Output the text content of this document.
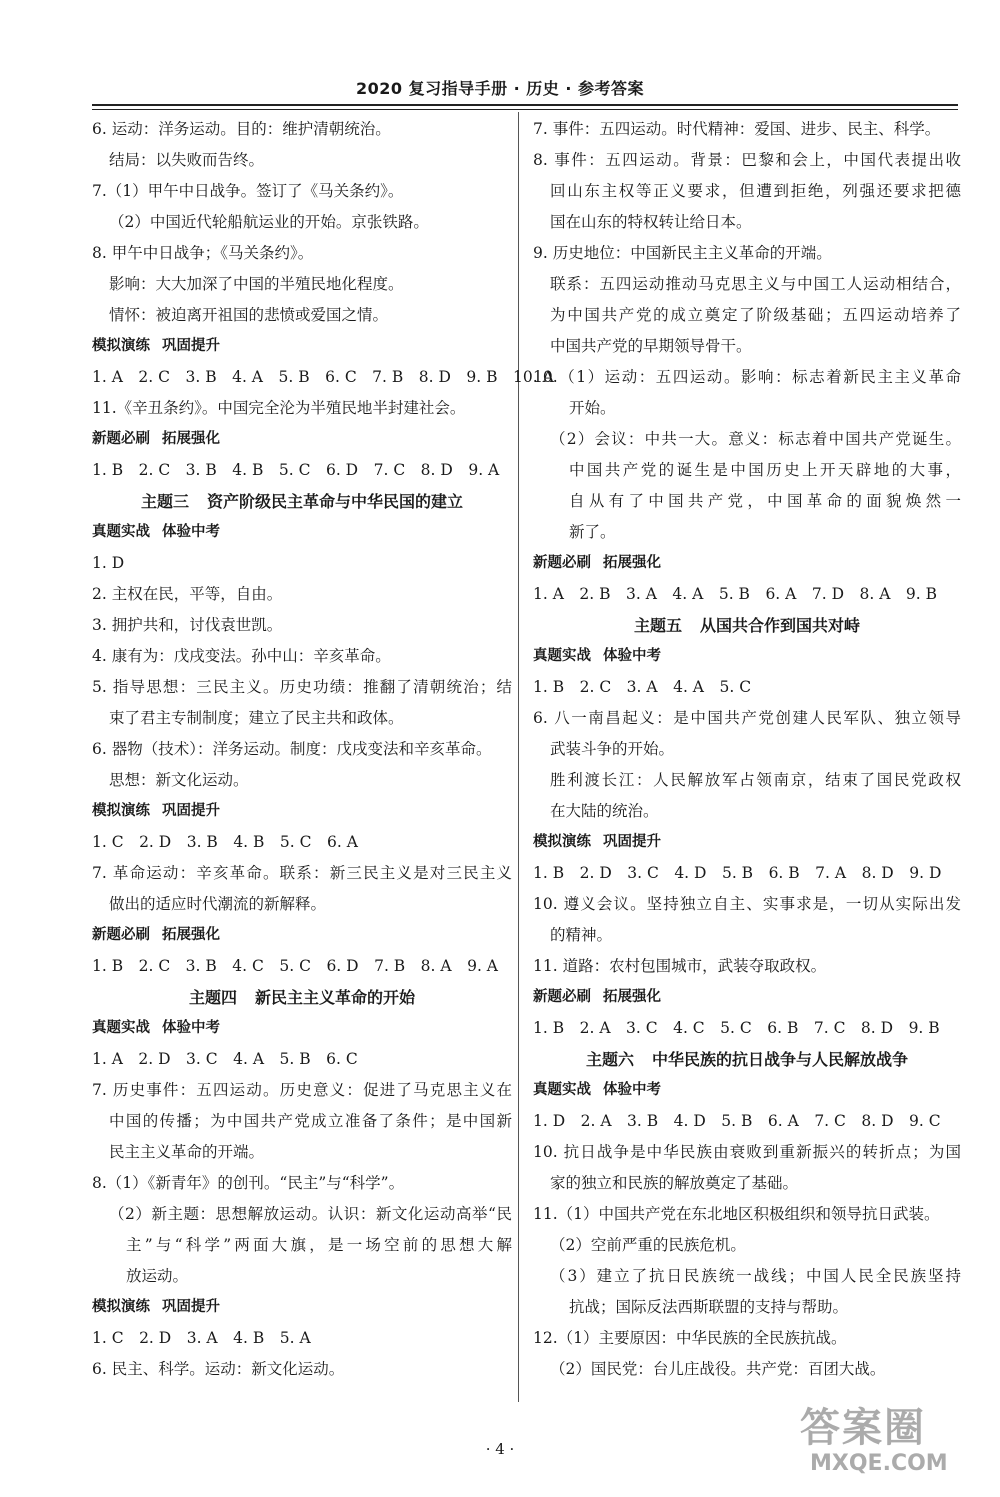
2020 复习指导手册 · 历史 · 参考答案
6. 运动：洋务运动。目的：维护清朝统治。
结局：以失败而告终。
7.（1）甲午中日战争。签订了《马关条约》。
（2）中国近代轮船航运业的开始。京张铁路。
8. 甲午中日战争；《马关条约》。
影响：大大加深了中国的半殖民地化程度。
情怀：被迫离开祖国的悲愤或爱国之情。
模拟演练 巩固提升
1. A　2. C　3. B　4. A　5. B　6. C　7. B　8. D　9. B　10. A
11.《辛丑条约》。中国完全沦为半殖民地半封建社会。
新题必刷 拓展强化
1. B　2. C　3. B　4. B　5. C　6. D　7. C　8. D　9. A
主题三 资产阶级民主革命与中华民国的建立
真题实战 体验中考
1. D
2. 主权在民，平等，自由。
3. 拥护共和，讨伐袁世凯。
4. 康有为：戊戌变法。孙中山：辛亥革命。
5. 指导思想：三民主义。历史功绩：推翻了清朝统治；结
束了君主专制制度；建立了民主共和政体。
6. 器物（技术）：洋务运动。制度：戊戌变法和辛亥革命。
思想：新文化运动。
模拟演练 巩固提升
1. C　2. D　3. B　4. B　5. C　6. A
7. 革命运动：辛亥革命。联系：新三民主义是对三民主义
做出的适应时代潮流的新解释。
新题必刷 拓展强化
1. B　2. C　3. B　4. C　5. C　6. D　7. B　8. A　9. A
主题四 新民主主义革命的开始
真题实战 体验中考
1. A　2. D　3. C　4. A　5. B　6. C
7. 历史事件：五四运动。历史意义：促进了马克思主义在
中国的传播；为中国共产党成立准备了条件；是中国新
民主主义革命的开端。
8.（1）《新青年》的创刊。“民主”与“科学”。
（2）新主题：思想解放运动。认识：新文化运动高举“民
主”与“科学”两面大旗，是一场空前的思想大解
放运动。
模拟演练 巩固提升
1. C　2. D　3. A　4. B　5. A
6. 民主、科学。运动：新文化运动。
7. 事件：五四运动。时代精神：爱国、进步、民主、科学。
8. 事件：五四运动。背景：巴黎和会上，中国代表提出收
回山东主权等正义要求，但遭到拒绝，列强还要求把德
国在山东的特权转让给日本。
9. 历史地位：中国新民主主义革命的开端。
联系：五四运动推动马克思主义与中国工人运动相结合，
为中国共产党的成立奠定了阶级基础；五四运动培养了
中国共产党的早期领导骨干。
10.（1）运动：五四运动。影响：标志着新民主主义革命
开始。
（2）会议：中共一大。意义：标志着中国共产党诞生。
中国共产党的诞生是中国历史上开天辟地的大事，
自从有了中国共产党，中国革命的面貌焕然一
新了。
新题必刷 拓展强化
1. A　2. B　3. A　4. A　5. B　6. A　7. D　8. A　9. B
主题五 从国共合作到国共对峙
真题实战 体验中考
1. B　2. C　3. A　4. A　5. C
6. 八一南昌起义：是中国共产党创建人民军队、独立领导
武装斗争的开始。
胜利渡长江：人民解放军占领南京，结束了国民党政权
在大陆的统治。
模拟演练 巩固提升
1. B　2. D　3. C　4. D　5. B　6. B　7. A　8. D　9. D
10. 遵义会议。坚持独立自主、实事求是，一切从实际出发
的精神。
11. 道路：农村包围城市，武装夺取政权。
新题必刷 拓展强化
1. B　2. A　3. C　4. C　5. C　6. B　7. C　8. D　9. B
主题六 中华民族的抗日战争与人民解放战争
真题实战 体验中考
1. D　2. A　3. B　4. D　5. B　6. A　7. C　8. D　9. C
10. 抗日战争是中华民族由衰败到重新振兴的转折点；为国
家的独立和民族的解放奠定了基础。
11.（1）中国共产党在东北地区积极组织和领导抗日武装。
（2）空前严重的民族危机。
（3）建立了抗日民族统一战线；中国人民全民族坚持
抗战；国际反法西斯联盟的支持与帮助。
12.（1）主要原因：中华民族的全民族抗战。
（2）国民党：台儿庄战役。共产党：百团大战。
· 4 ·	答案圈
MXQE.COM
